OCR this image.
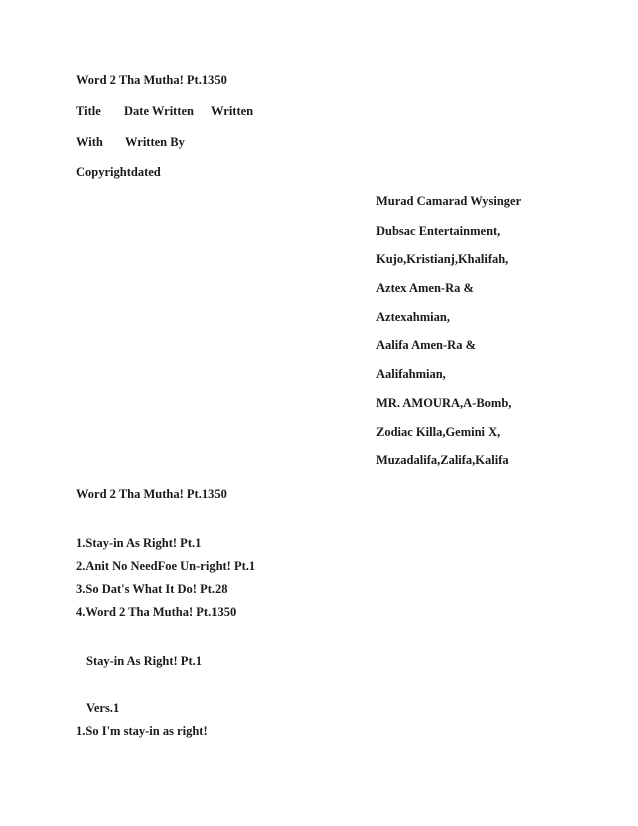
Word 2 Tha Mutha! Pt.1350
Title Date Written Written
With Written By
Copyrightdated
Murad Camarad Wysinger
Dubsac Entertainment,
Kujo,Kristianj,Khalifah,
Aztex Amen-Ra &
Aztexahmian,
Aalifa Amen-Ra &
Aalifahmian,
MR. AMOURA,A-Bomb,
Zodiac Killa,Gemini X,
Muzadalifa,Zalifa,Kalifa
Word 2 Tha Mutha! Pt.1350
1.Stay-in As Right! Pt.1
2.Anit No NeedFoe Un-right! Pt.1
3.So Dat's What It Do! Pt.28
4.Word 2 Tha Mutha! Pt.1350
Stay-in As Right! Pt.1
Vers.1
1.So I'm stay-in as right!
